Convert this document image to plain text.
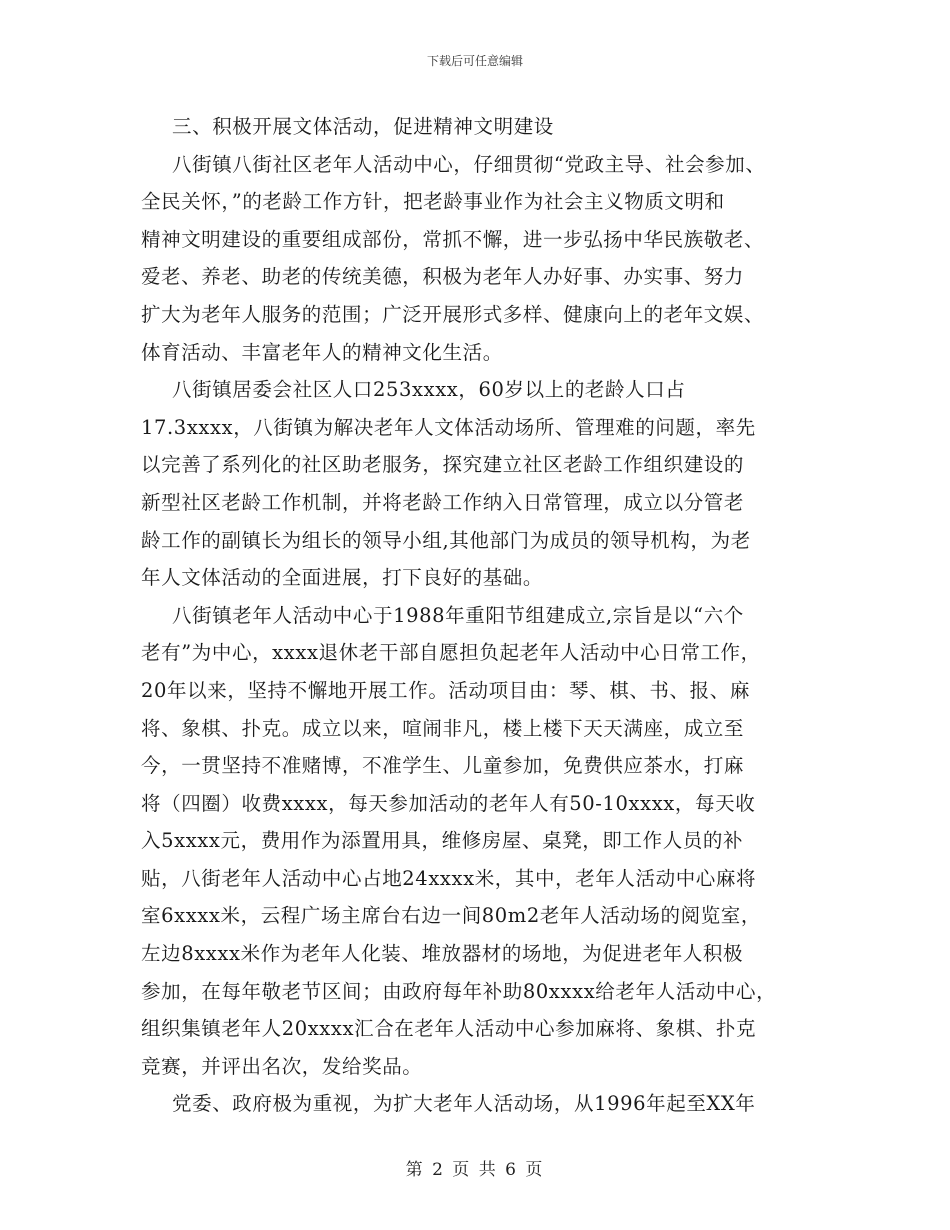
下载后可任意编辑
三、积极开展文体活动，促进精神文明建设
八街镇八街社区老年人活动中心，仔细贯彻“党政主导、社会参加、
全民关怀，”的老龄工作方针，把老龄事业作为社会主义物质文明和
精神文明建设的重要组成部份，常抓不懈，进一步弘扬中华民族敬老、
爱老、养老、助老的传统美德，积极为老年人办好事、办实事、努力
扩大为老年人服务的范围；广泛开展形式多样、健康向上的老年文娱、
体育活动、丰富老年人的精神文化生活。
八街镇居委会社区人口253xxxx，60岁以上的老龄人口占
17.3xxxx，八街镇为解决老年人文体活动场所、管理难的问题，率先
以完善了系列化的社区助老服务，探究建立社区老龄工作组织建设的
新型社区老龄工作机制，并将老龄工作纳入日常管理，成立以分管老
龄工作的副镇长为组长的领导小组,其他部门为成员的领导机构，为老
年人文体活动的全面进展，打下良好的基础。
八街镇老年人活动中心于1988年重阳节组建成立,宗旨是以“六个
老有”为中心，xxxx退休老干部自愿担负起老年人活动中心日常工作，
20年以来，坚持不懈地开展工作。活动项目由：琴、棋、书、报、麻
将、象棋、扑克。成立以来，喧闹非凡，楼上楼下天天满座，成立至
今，一贯坚持不准赌博，不准学生、儿童参加，免费供应茶水，打麻
将（四圈）收费xxxx，每天参加活动的老年人有50-10xxxx，每天收
入5xxxx元，费用作为添置用具，维修房屋、桌凳，即工作人员的补
贴，八街老年人活动中心占地24xxxx米，其中，老年人活动中心麻将
室6xxxx米，云程广场主席台右边一间80m2老年人活动场的阅览室，
左边8xxxx米作为老年人化装、堆放器材的场地，为促进老年人积极
参加，在每年敬老节区间；由政府每年补助80xxxx给老年人活动中心，
组织集镇老年人20xxxx汇合在老年人活动中心参加麻将、象棋、扑克
竞赛，并评出名次，发给奖品。
党委、政府极为重视，为扩大老年人活动场，从1996年起至XX年
第 2 页 共 6 页
